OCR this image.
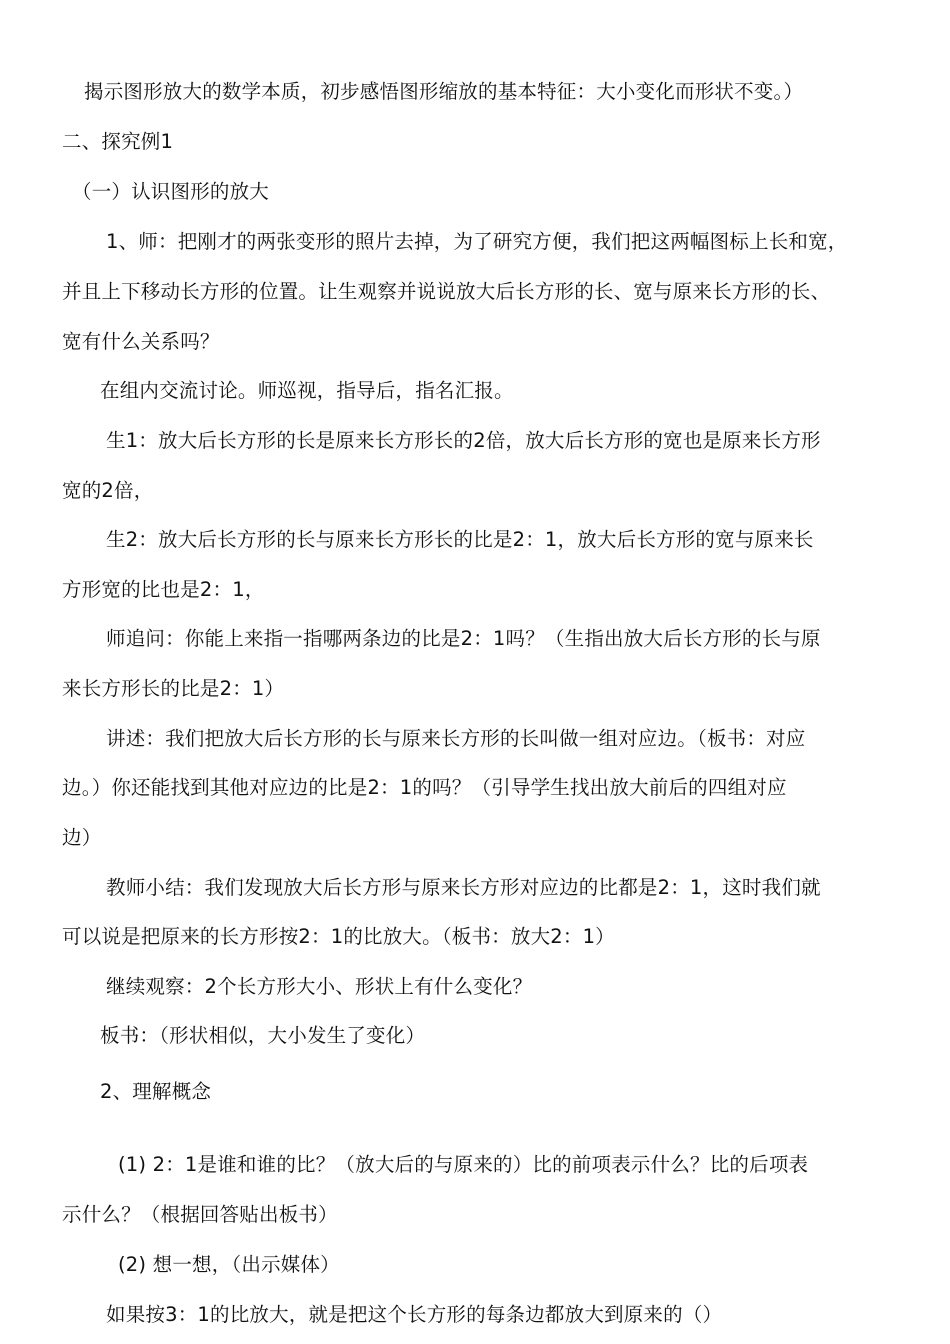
揭示图形放大的数学本质，初步感悟图形缩放的基本特征：大小变化而形状不变。）
二、探究例1
（一）认识图形的放大
1、师：把刚才的两张变形的照片去掉，为了研究方便，我们把这两幅图标上长和宽，
并且上下移动长方形的位置。让生观察并说说放大后长方形的长、宽与原来长方形的长、
宽有什么关系吗？
在组内交流讨论。师巡视，指导后，指名汇报。
生1：放大后长方形的长是原来长方形长的2倍，放大后长方形的宽也是原来长方形
宽的2倍，
生2：放大后长方形的长与原来长方形长的比是2：1，放大后长方形的宽与原来长
方形宽的比也是2：1，
师追问：你能上来指一指哪两条边的比是2：1吗？（生指出放大后长方形的长与原
来长方形长的比是2：1）
讲述：我们把放大后长方形的长与原来长方形的长叫做一组对应边。（板书：对应
边。）你还能找到其他对应边的比是2：1的吗？（引导学生找出放大前后的四组对应
边）
教师小结：我们发现放大后长方形与原来长方形对应边的比都是2：1，这时我们就
可以说是把原来的长方形按2：1的比放大。（板书：放大2：1）
继续观察：2个长方形大小、形状上有什么变化？
板书：（形状相似，大小发生了变化）
2、理解概念
(1) 2：1是谁和谁的比？（放大后的与原来的）比的前项表示什么？比的后项表
示什么？（根据回答贴出板书）
(2) 想一想，（出示媒体）
如果按3：1的比放大，就是把这个长方形的每条边都放大到原来的（）
